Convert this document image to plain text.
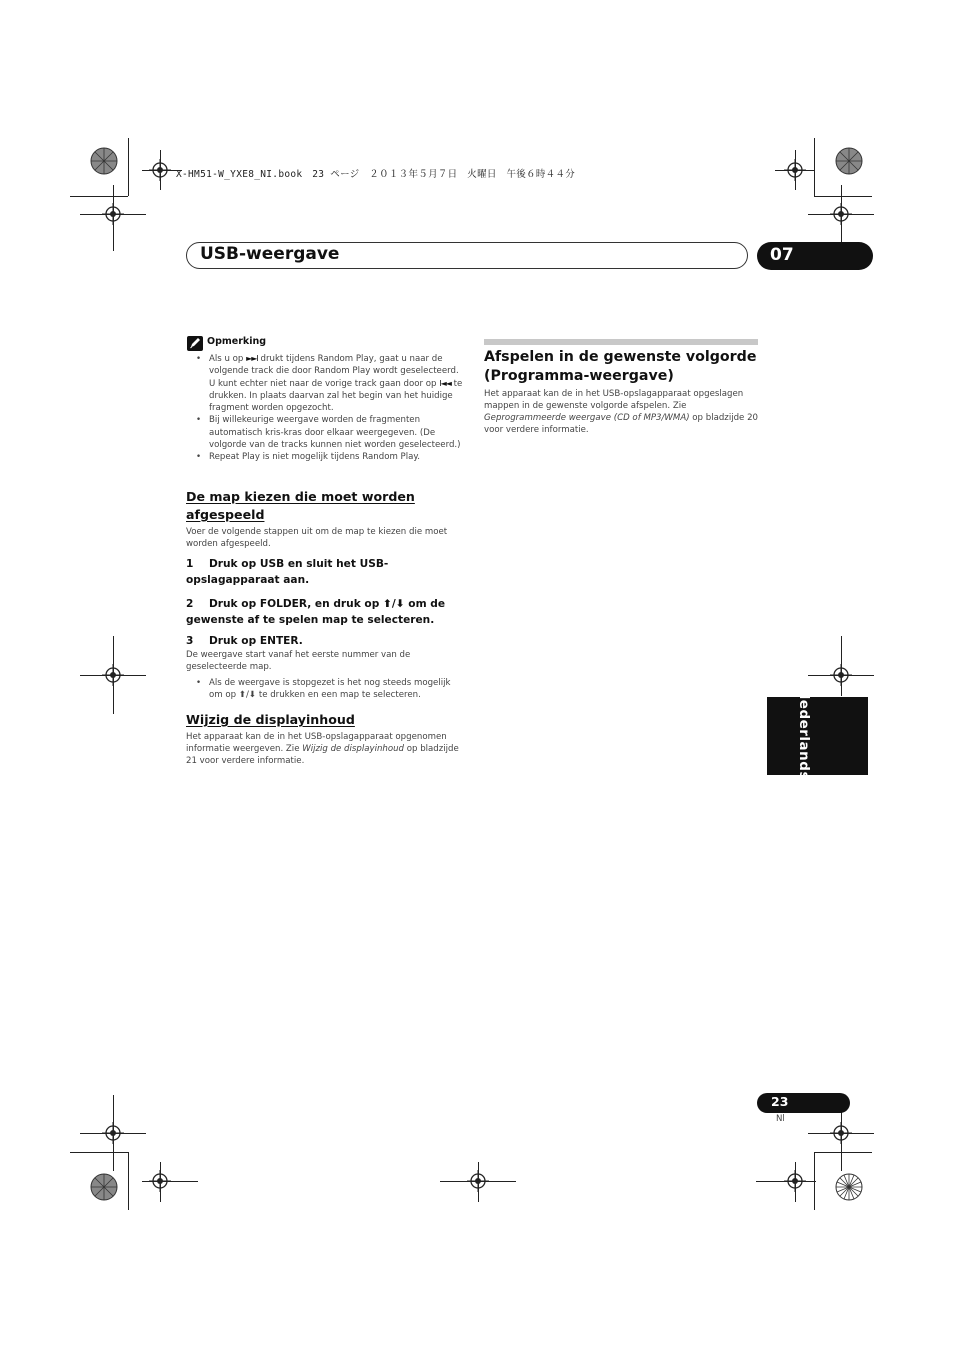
X-HM51-W_YXE8_NI.book　23 ページ　２０１３年５月７日　火曜日　午後６時４４分
USB-weergave	07
Nederlands
Opmerking
• Als u op ►►I drukt tijdens Random Play, gaat u naar de volgende track die door Random Play wordt geselecteerd. U kunt echter niet naar de vorige track gaan door op I◄◄ te drukken. In plaats daarvan zal het begin van het huidige fragment worden opgezocht.
• Bij willekeurige weergave worden de fragmenten automatisch kris-kras door elkaar weergegeven. (De volgorde van de tracks kunnen niet worden geselecteerd.)
• Repeat Play is niet mogelijk tijdens Random Play.
De map kiezen die moet worden afgespeeld
Voer de volgende stappen uit om de map te kiezen die moet worden afgespeeld.
1 Druk op USB en sluit het USB-opslagapparaat aan.
2 Druk op FOLDER, en druk op ⬆/⬇ om de gewenste af te spelen map te selecteren.
3 Druk op ENTER.
De weergave start vanaf het eerste nummer van de geselecteerde map.
• Als de weergave is stopgezet is het nog steeds mogelijk om op ⬆/⬇ te drukken en een map te selecteren.
Wijzig de displayinhoud
Het apparaat kan de in het USB-opslagapparaat opgenomen informatie weergeven. Zie Wijzig de displayinhoud op bladzijde 21 voor verdere informatie.
Afspelen in de gewenste volgorde (Programma-weergave)
Het apparaat kan de in het USB-opslagapparaat opgeslagen mappen in de gewenste volgorde afspelen. Zie Geprogrammeerde weergave (CD of MP3/WMA) op bladzijde 20 voor verdere informatie.
23
Nl
